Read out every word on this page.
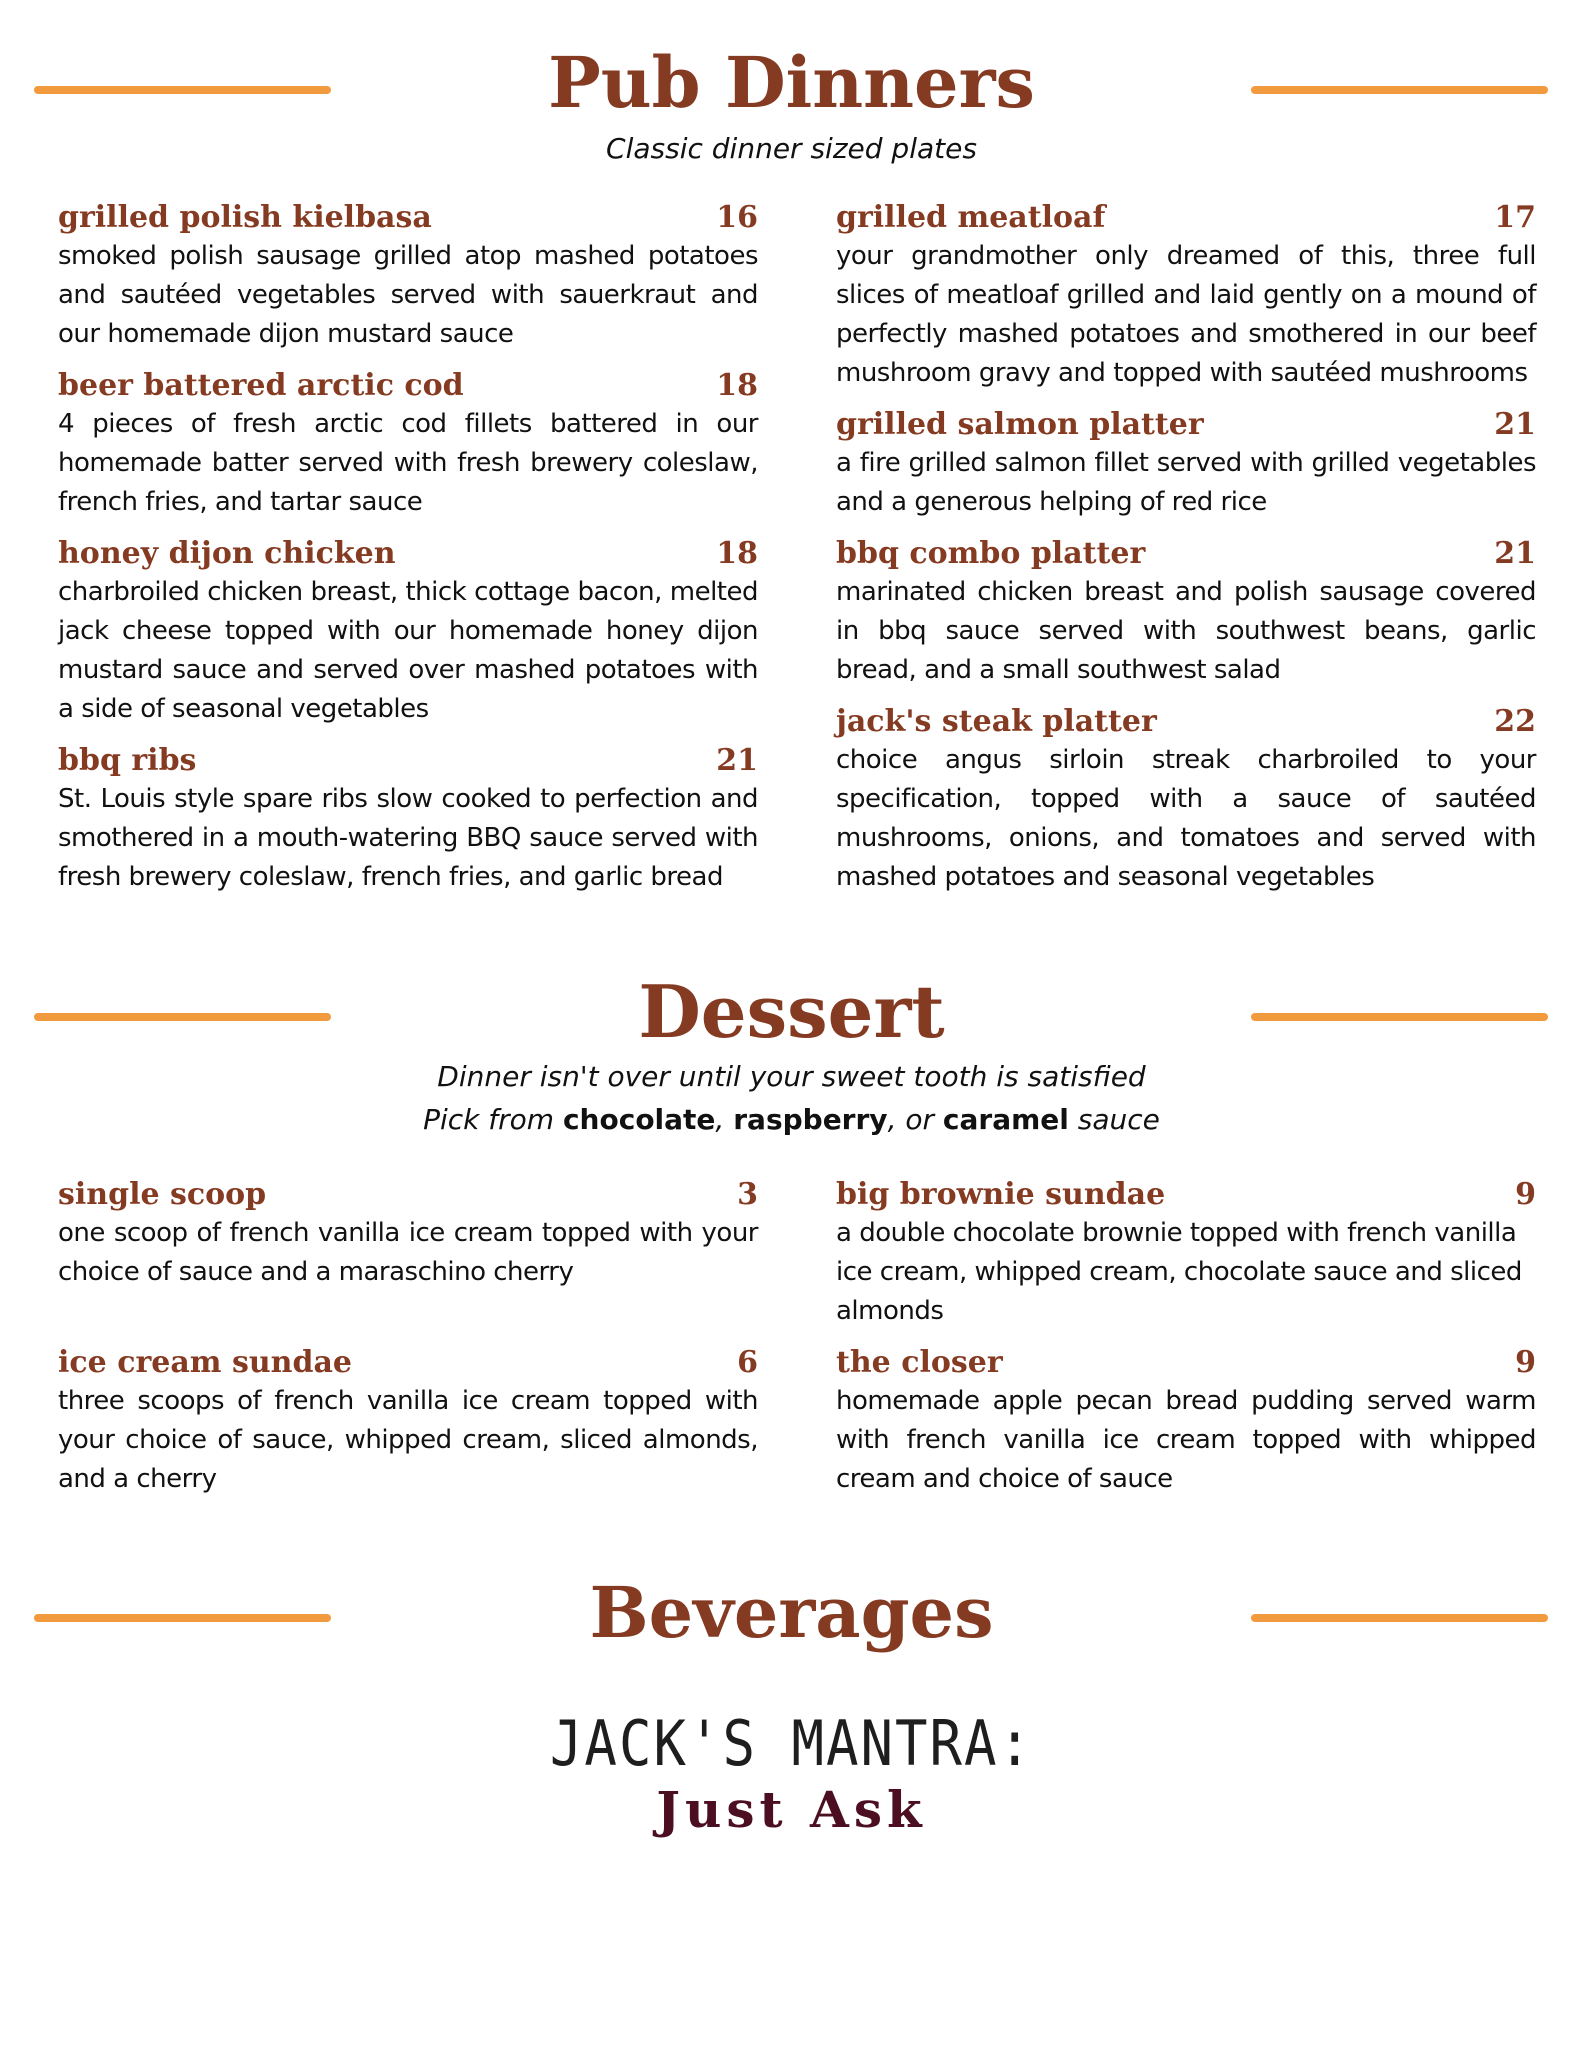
Pub Dinners
Classic dinner sized plates
grilled polish kielbasa	16

smoked polish sausage grilled atop mashed potatoes and sautéed vegetables served with sauerkraut and our homemade dijon mustard sauce

beer battered arctic cod	18

4 pieces of fresh arctic cod fillets battered in our homemade batter served with fresh brewery coleslaw, french fries, and tartar sauce

honey dijon chicken	18

charbroiled chicken breast, thick cottage bacon, melted jack cheese topped with our homemade honey dijon mustard sauce and served over mashed potatoes with a side of seasonal vegetables

bbq ribs	21

St. Louis style spare ribs slow cooked to perfection and smothered in a mouth-watering BBQ sauce served with fresh brewery coleslaw, french fries, and garlic bread

grilled meatloaf	17

your grandmother only dreamed of this, three full slices of meatloaf grilled and laid gently on a mound of perfectly mashed potatoes and smothered in our beef mushroom gravy and topped with sautéed mushrooms

grilled salmon platter	21

a fire grilled salmon fillet served with grilled vegetables and a generous helping of red rice

bbq combo platter	21

marinated chicken breast and polish sausage covered in bbq sauce served with southwest beans, garlic bread, and a small southwest salad

jack's steak platter	22

choice angus sirloin streak charbroiled to your specification, topped with a sauce of sautéed mushrooms, onions, and tomatoes and served with mashed potatoes and seasonal vegetables

Dessert
Dinner isn't over until your sweet tooth is satisfied
Pick from chocolate, raspberry, or caramel sauce
single scoop	3

one scoop of french vanilla ice cream topped with your choice of sauce and a maraschino cherry

ice cream sundae	6

three scoops of french vanilla ice cream topped with your choice of sauce, whipped cream, sliced almonds, and a cherry

big brownie sundae	9

a double chocolate brownie topped with french vanilla ice cream, whipped cream, chocolate sauce and sliced almonds

the closer	9

homemade apple pecan bread pudding served warm with french vanilla ice cream topped with whipped cream and choice of sauce

Beverages
JACK'S MANTRA:
Just Ask
